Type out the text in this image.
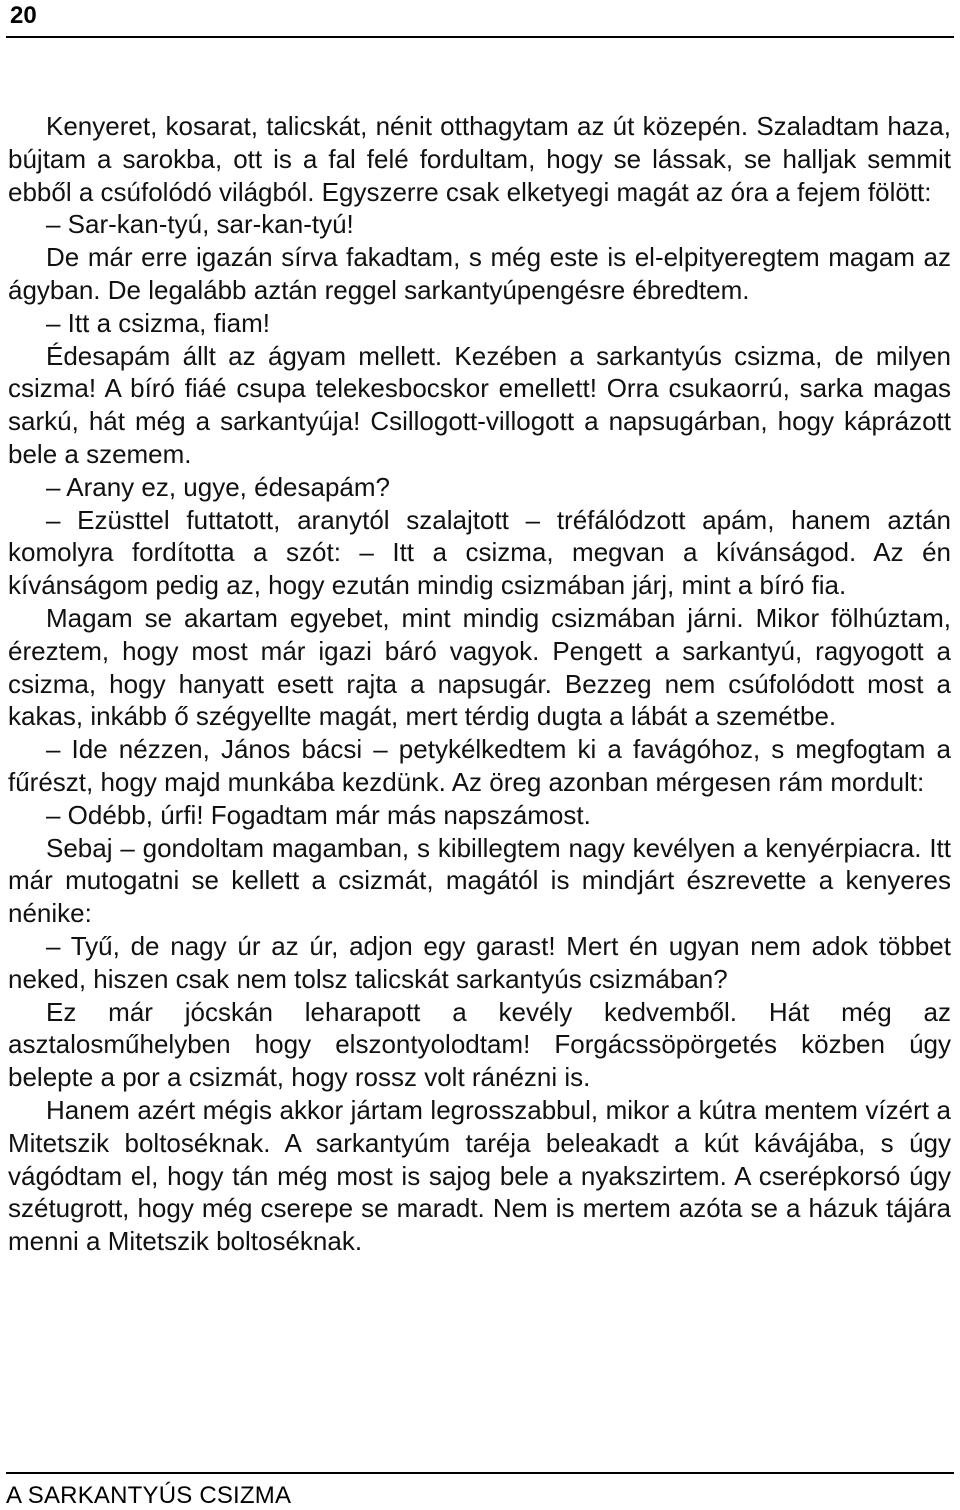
20

Kenyeret, kosarat, talicskát, nénit otthagytam az út közepén. Szaladtam haza, bújtam a sarokba, ott is a fal felé fordultam, hogy se lássak, se halljak semmit ebből a csúfolódó világból. Egyszerre csak elketyegi magát az óra a fejem fölött:

– Sar-kan-tyú, sar-kan-tyú!

De már erre igazán sírva fakadtam, s még este is el-elpityeregtem magam az ágyban. De legalább aztán reggel sarkantyúpengésre ébredtem.

– Itt a csizma, fiam!

Édesapám állt az ágyam mellett. Kezében a sarkantyús csizma, de milyen csizma! A bíró fiáé csupa telekesbocskor emellett! Orra csukaorrú, sarka magas sarkú, hát még a sarkantyúja! Csillogott-villogott a napsugárban, hogy káprázott bele a szemem.

– Arany ez, ugye, édesapám?

– Ezüsttel futtatott, aranytól szalajtott – tréfálódzott apám, hanem aztán komolyra fordította a szót: – Itt a csizma, megvan a kívánságod. Az én kívánságom pedig az, hogy ezután mindig csizmában járj, mint a bíró fia.

Magam se akartam egyebet, mint mindig csizmában járni. Mikor fölhúztam, éreztem, hogy most már igazi báró vagyok. Pengett a sarkantyú, ragyogott a csizma, hogy hanyatt esett rajta a napsugár. Bezzeg nem csúfolódott most a kakas, inkább ő szégyellte magát, mert térdig dugta a lábát a szemétbe.

– Ide nézzen, János bácsi – petykélkedtem ki a favágóhoz, s megfogtam a fűrészt, hogy majd munkába kezdünk. Az öreg azonban mérgesen rám mordult:

– Odébb, úrfi! Fogadtam már más napszámost.

Sebaj – gondoltam magamban, s kibillegtem nagy kevélyen a kenyérpiacra. Itt már mutogatni se kellett a csizmát, magától is mindjárt észrevette a kenyeres nénike:

– Tyű, de nagy úr az úr, adjon egy garast! Mert én ugyan nem adok többet neked, hiszen csak nem tolsz talicskát sarkantyús csizmában?

Ez már jócskán leharapott a kevély kedvemből. Hát még az asztalosműhelyben hogy elszontyolodtam! Forgácssöpörgetés közben úgy belepte a por a csizmát, hogy rossz volt ránézni is.

Hanem azért mégis akkor jártam legrosszabbul, mikor a kútra mentem vízért a Mitetszik boltoséknak. A sarkantyúm taréja beleakadt a kút kávájába, s úgy vágódtam el, hogy tán még most is sajog bele a nyakszirtem. A cserépkorsó úgy szétugrott, hogy még cserepe se maradt. Nem is mertem azóta se a házuk tájára menni a Mitetszik boltoséknak.

A SARKANTYÚS CSIZMA
